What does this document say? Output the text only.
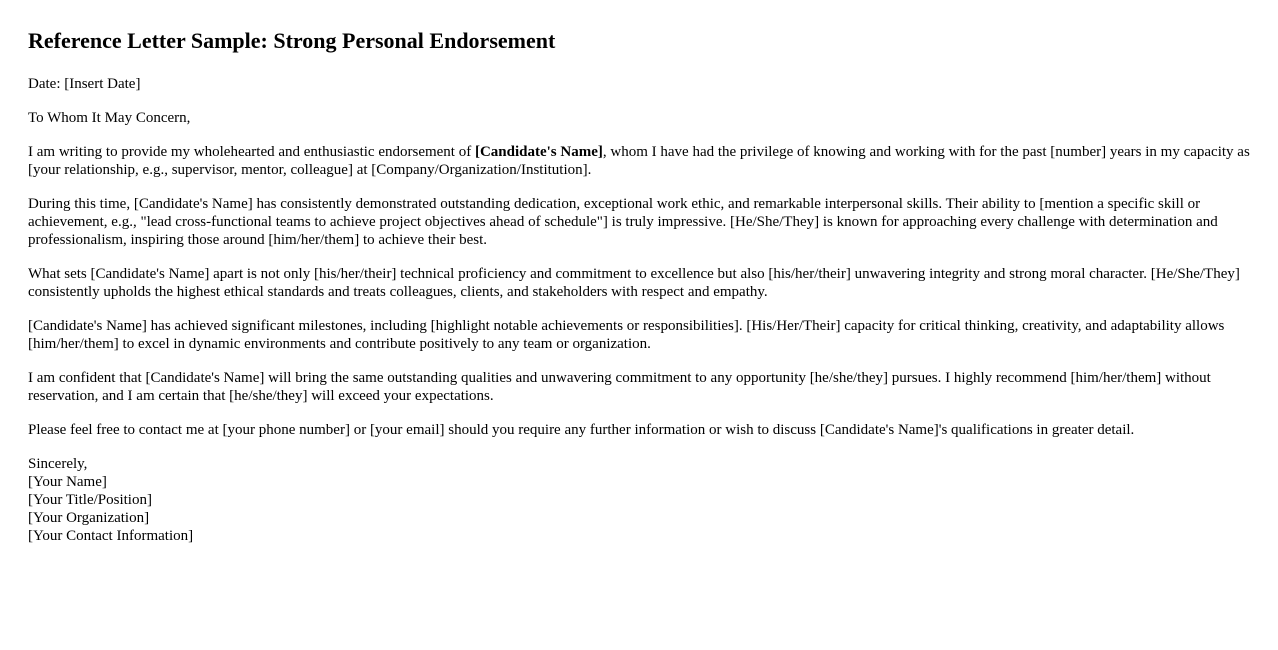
Reference Letter Sample: Strong Personal Endorsement

Date: [Insert Date]

To Whom It May Concern,

I am writing to provide my wholehearted and enthusiastic endorsement of [Candidate's Name], whom I have had the privilege of knowing and working with for the past [number] years in my capacity as [your relationship, e.g., supervisor, mentor, colleague] at [Company/Organization/Institution].

During this time, [Candidate's Name] has consistently demonstrated outstanding dedication, exceptional work ethic, and remarkable interpersonal skills. Their ability to [mention a specific skill or achievement, e.g., "lead cross-functional teams to achieve project objectives ahead of schedule"] is truly impressive. [He/She/They] is known for approaching every challenge with determination and professionalism, inspiring those around [him/her/them] to achieve their best.

What sets [Candidate's Name] apart is not only [his/her/their] technical proficiency and commitment to excellence but also [his/her/their] unwavering integrity and strong moral character. [He/She/They] consistently upholds the highest ethical standards and treats colleagues, clients, and stakeholders with respect and empathy.

[Candidate's Name] has achieved significant milestones, including [highlight notable achievements or responsibilities]. [His/Her/Their] capacity for critical thinking, creativity, and adaptability allows [him/her/them] to excel in dynamic environments and contribute positively to any team or organization.

I am confident that [Candidate's Name] will bring the same outstanding qualities and unwavering commitment to any opportunity [he/she/they] pursues. I highly recommend [him/her/them] without reservation, and I am certain that [he/she/they] will exceed your expectations.

Please feel free to contact me at [your phone number] or [your email] should you require any further information or wish to discuss [Candidate's Name]'s qualifications in greater detail.

Sincerely,
[Your Name]
[Your Title/Position]
[Your Organization]
[Your Contact Information]
